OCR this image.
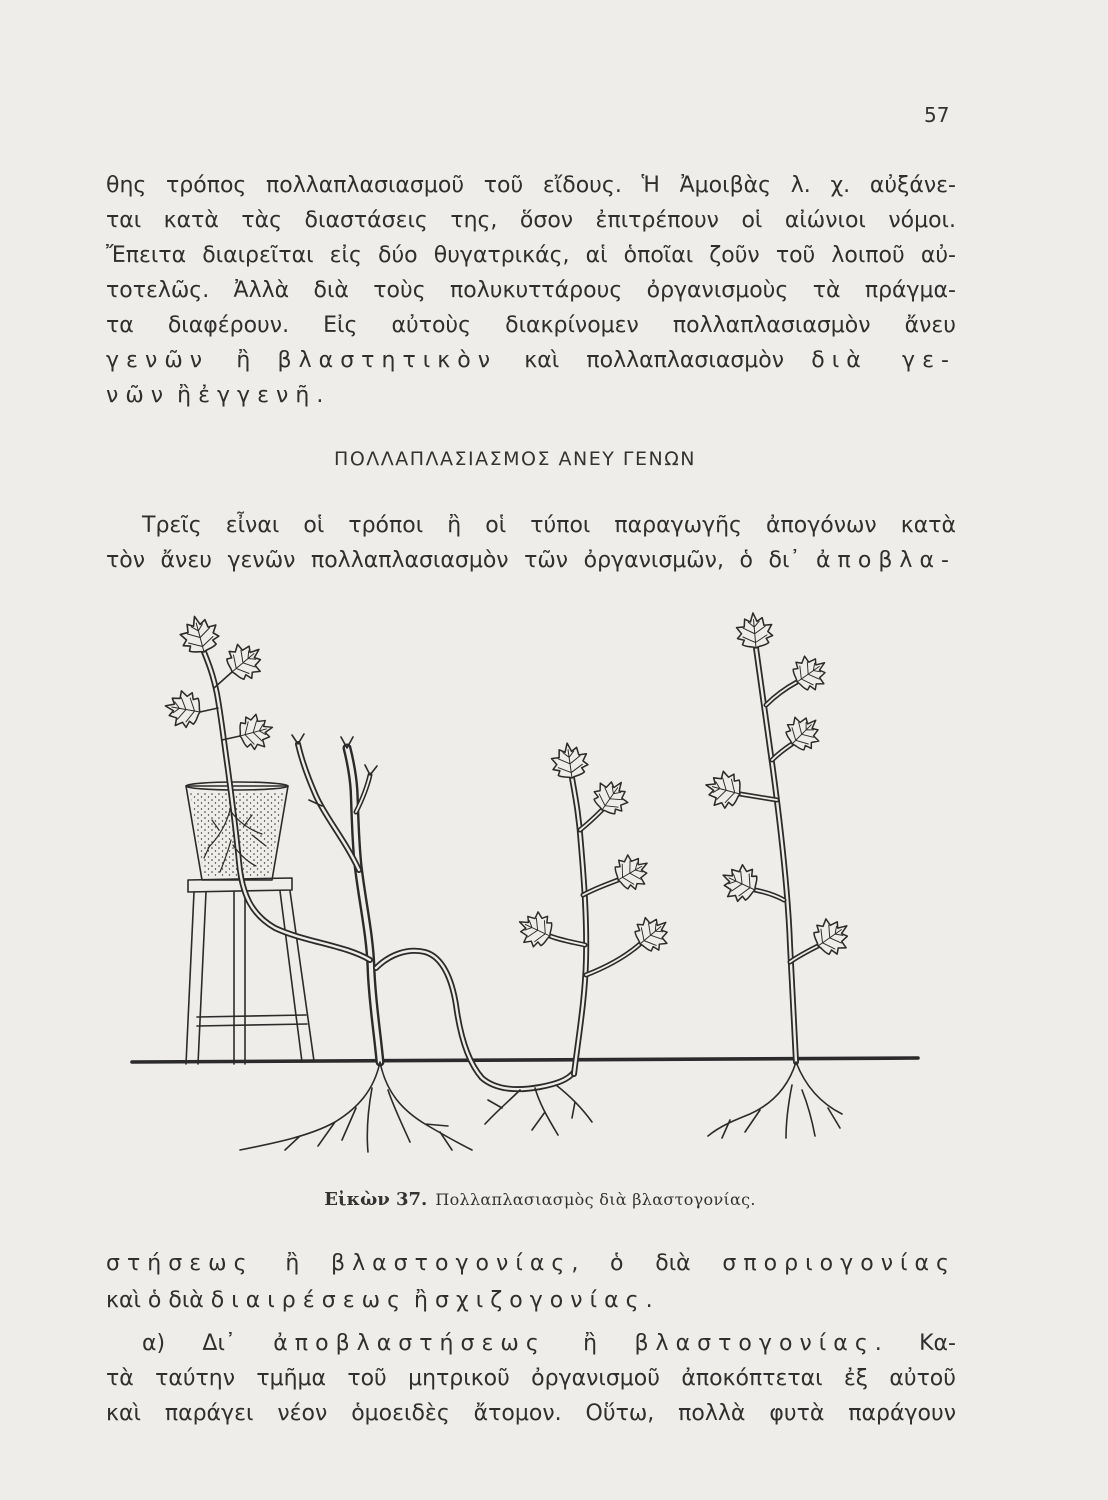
57
θης τρόπος πολλαπλασιασμοῦ τοῦ εἴδους. Ἡ Ἀμοιβὰς λ. χ. αὐξάνε-
ται κατὰ τὰς διαστάσεις της, ὅσον ἐπιτρέπουν οἱ αἰώνιοι νόμοι.
Ἔπειτα διαιρεῖται εἰς δύο θυγατρικάς, αἱ ὁποῖαι ζοῦν τοῦ λοιποῦ αὐ-
τοτελῶς. Ἀλλὰ διὰ τοὺς πολυκυττάρους ὀργανισμοὺς τὰ πράγμα-
τα διαφέρουν. Εἰς αὐτοὺς διακρίνομεν πολλαπλασιασμὸν ἄνευ
γενῶν ἢ βλαστητικὸν καὶ πολλαπλασιασμὸν διὰ γε-
νῶν ἢ ἐγγενῆ.
ΠΟΛΛΑΠΛΑΣΙΑΣΜΟΣ ΑΝΕΥ ΓΕΝΩΝ
Τρεῖς εἶναι οἱ τρόποι ἢ οἱ τύποι παραγωγῆς ἀπογόνων κατὰ
τὸν ἄνευ γενῶν πολλαπλασιασμὸν τῶν ὀργανισμῶν, ὁ δι᾽ ἀποβλα-
Εἰκὼν 37. Πολλαπλασιασμὸς διὰ βλαστογονίας.
στήσεως ἢ βλαστογονίας, ὁ διὰ σποριογονίας
καὶ ὁ διὰ διαιρέσεως ἢ σχιζογονίας.
α) Δι᾽ ἀποβλαστήσεως ἢ βλαστογονίας. Κα-
τὰ ταύτην τμῆμα τοῦ μητρικοῦ ὀργανισμοῦ ἀποκόπτεται ἐξ αὐτοῦ
καὶ παράγει νέον ὁμοειδὲς ἄτομον. Οὕτω, πολλὰ φυτὰ παράγουν
